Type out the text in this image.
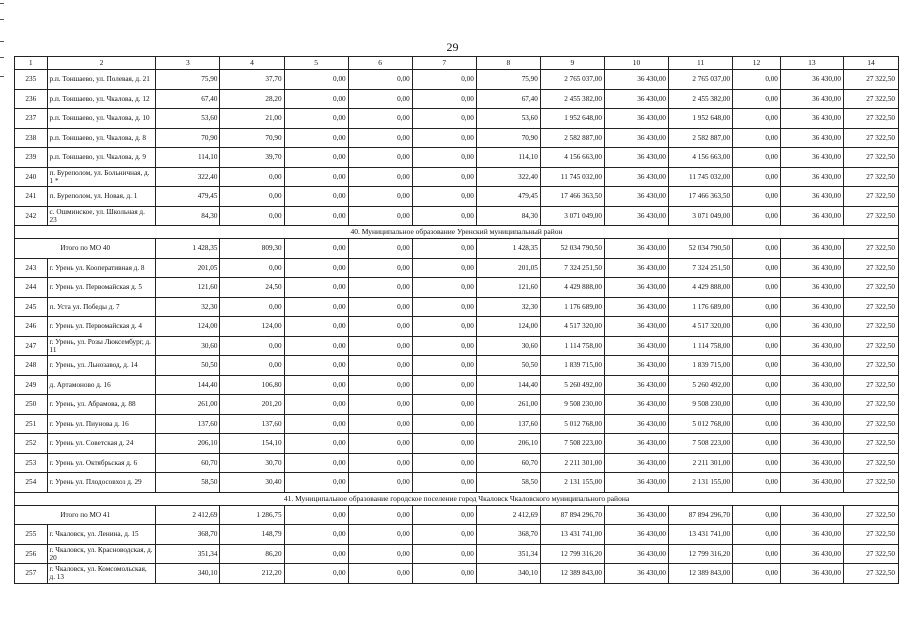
29
1	2	3	4	5	6	7	8	9	10	11	12	13	14
235	р.п. Тоншаево, ул. Полевая, д. 21	75,90	37,70	0,00	0,00	0,00	75,90	2 765 037,00	36 430,00	2 765 037,00	0,00	36 430,00	27 322,50
236	р.п. Тоншаево, ул. Чкалова, д. 12	67,40	28,20	0,00	0,00	0,00	67,40	2 455 382,00	36 430,00	2 455 382,00	0,00	36 430,00	27 322,50
237	р.п. Тоншаево, ул. Чкалова, д. 10	53,60	21,00	0,00	0,00	0,00	53,60	1 952 648,00	36 430,00	1 952 648,00	0,00	36 430,00	27 322,50
238	р.п. Тоншаево, ул. Чкалова, д. 8	70,90	70,90	0,00	0,00	0,00	70,90	2 582 887,00	36 430,00	2 582 887,00	0,00	36 430,00	27 322,50
239	р.п. Тоншаево, ул. Чкалова, д. 9	114,10	39,70	0,00	0,00	0,00	114,10	4 156 663,00	36 430,00	4 156 663,00	0,00	36 430,00	27 322,50
240	п. Буреполом, ул. Больничная, д. 1 *	322,40	0,00	0,00	0,00	0,00	322,40	11 745 032,00	36 430,00	11 745 032,00	0,00	36 430,00	27 322,50
241	п. Буреполом, ул. Новая, д. 1	479,45	0,00	0,00	0,00	0,00	479,45	17 466 363,50	36 430,00	17 466 363,50	0,00	36 430,00	27 322,50
242	с. Ошминское, ул. Школьная д. 23	84,30	0,00	0,00	0,00	0,00	84,30	3 071 049,00	36 430,00	3 071 049,00	0,00	36 430,00	27 322,50
40. Муниципальное образование Уренский муниципальный район													
Итого по МО 40		1 428,35	809,30	0,00	0,00	0,00	1 428,35	52 034 790,50	36 430,00	52 034 790,50	0,00	36 430,00	27 322,50
243	г. Урень ул. Кооперативная д. 8	201,05	0,00	0,00	0,00	0,00	201,05	7 324 251,50	36 430,00	7 324 251,50	0,00	36 430,00	27 322,50
244	г. Урень ул. Первомайская д. 5	121,60	24,50	0,00	0,00	0,00	121,60	4 429 888,00	36 430,00	4 429 888,00	0,00	36 430,00	27 322,50
245	п. Уста ул. Победы д. 7	32,30	0,00	0,00	0,00	0,00	32,30	1 176 689,00	36 430,00	1 176 689,00	0,00	36 430,00	27 322,50
246	г. Урень ул. Первомайская д. 4	124,00	124,00	0,00	0,00	0,00	124,00	4 517 320,00	36 430,00	4 517 320,00	0,00	36 430,00	27 322,50
247	г. Урень, ул. Розы Люксембург, д. 11	30,60	0,00	0,00	0,00	0,00	30,60	1 114 758,00	36 430,00	1 114 758,00	0,00	36 430,00	27 322,50
248	г. Урень, ул. Льнозавод, д. 14	50,50	0,00	0,00	0,00	0,00	50,50	1 839 715,00	36 430,00	1 839 715,00	0,00	36 430,00	27 322,50
249	д. Артамоново д. 16	144,40	106,80	0,00	0,00	0,00	144,40	5 260 492,00	36 430,00	5 260 492,00	0,00	36 430,00	27 322,50
250	г. Урень, ул. Абрамова, д. 88	261,00	201,20	0,00	0,00	0,00	261,00	9 508 230,00	36 430,00	9 508 230,00	0,00	36 430,00	27 322,50
251	г. Урень ул. Пиунова д. 16	137,60	137,60	0,00	0,00	0,00	137,60	5 012 768,00	36 430,00	5 012 768,00	0,00	36 430,00	27 322,50
252	г. Урень ул. Советская д. 24	206,10	154,10	0,00	0,00	0,00	206,10	7 508 223,00	36 430,00	7 508 223,00	0,00	36 430,00	27 322,50
253	г. Урень ул. Октябрьская д. 6	60,70	30,70	0,00	0,00	0,00	60,70	2 211 301,00	36 430,00	2 211 301,00	0,00	36 430,00	27 322,50
254	г. Урень ул. Плодосовхоз д. 29	58,50	30,40	0,00	0,00	0,00	58,50	2 131 155,00	36 430,00	2 131 155,00	0,00	36 430,00	27 322,50
41. Муниципальное образование городское поселение город Чкаловск Чкаловского муниципального района													
Итого по МО 41		2 412,69	1 286,75	0,00	0,00	0,00	2 412,69	87 894 296,70	36 430,00	87 894 296,70	0,00	36 430,00	27 322,50
255	г. Чкаловск, ул. Ленина, д. 15	368,70	148,79	0,00	0,00	0,00	368,70	13 431 741,00	36 430,00	13 431 741,00	0,00	36 430,00	27 322,50
256	г. Чкаловск, ул. Красноводская, д. 20	351,34	86,20	0,00	0,00	0,00	351,34	12 799 316,20	36 430,00	12 799 316,20	0,00	36 430,00	27 322,50
257	г. Чкаловск, ул. Комсомольская, д. 13	340,10	212,20	0,00	0,00	0,00	340,10	12 389 843,00	36 430,00	12 389 843,00	0,00	36 430,00	27 322,50
